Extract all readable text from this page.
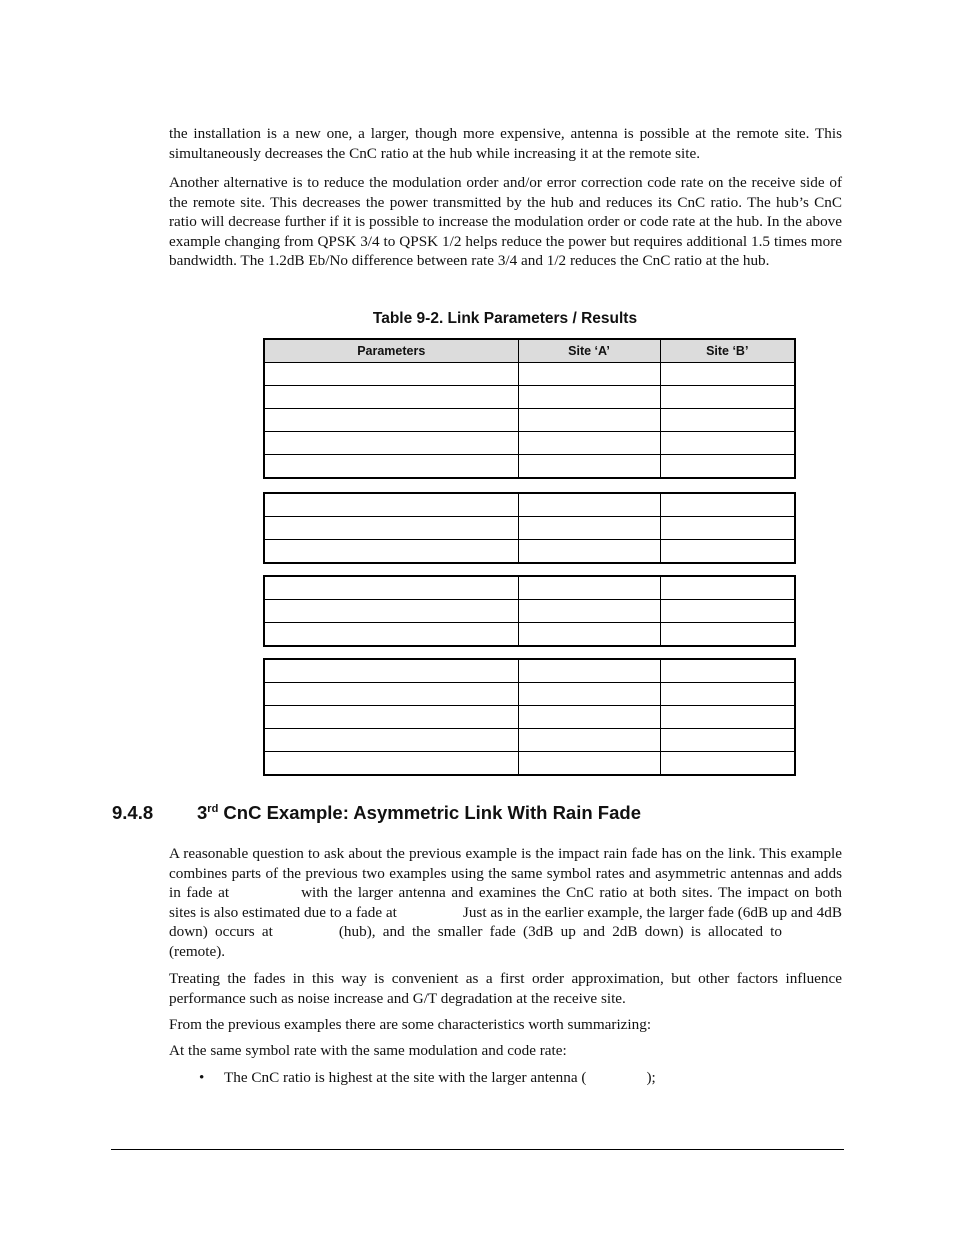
the installation is a new one, a larger, though more expensive, antenna is possible at the remote site. This simultaneously decreases the CnC ratio at the hub while increasing it at the remote site.

Another alternative is to reduce the modulation order and/or error correction code rate on the receive side of the remote site. This decreases the power transmitted by the hub and reduces its CnC ratio. The hub’s CnC ratio will decrease further if it is possible to increase the modulation order or code rate at the hub. In the above example changing from QPSK 3/4 to QPSK 1/2 helps reduce the power but requires additional 1.5 times more bandwidth. The 1.2dB Eb/No difference between rate 3/4 and 1/2 reduces the CnC ratio at the hub.

Table 9-2. Link Parameters / Results
Parameters	Site ‘A’	Site ‘B’

9.4.8 3rd CnC Example: Asymmetric Link With Rain Fade

A reasonable question to ask about the previous example is the impact rain fade has on the link. This example combines parts of the previous two examples using the same symbol rates and asymmetric antennas and adds in fade at	with the larger antenna and examines the CnC ratio at both sites. The impact on both sites is also estimated due to a fade at	Just as in the earlier example, the larger fade (6dB up and 4dB down) occurs at	(hub), and the smaller fade (3dB up and 2dB down) is allocated to(remote).

Treating the fades in this way is convenient as a first order approximation, but other factors influence performance such as noise increase and G/T degradation at the receive site.

From the previous examples there are some characteristics worth summarizing:

At the same symbol rate with the same modulation and code rate:

• The CnC ratio is highest at the site with the larger antenna (	);
